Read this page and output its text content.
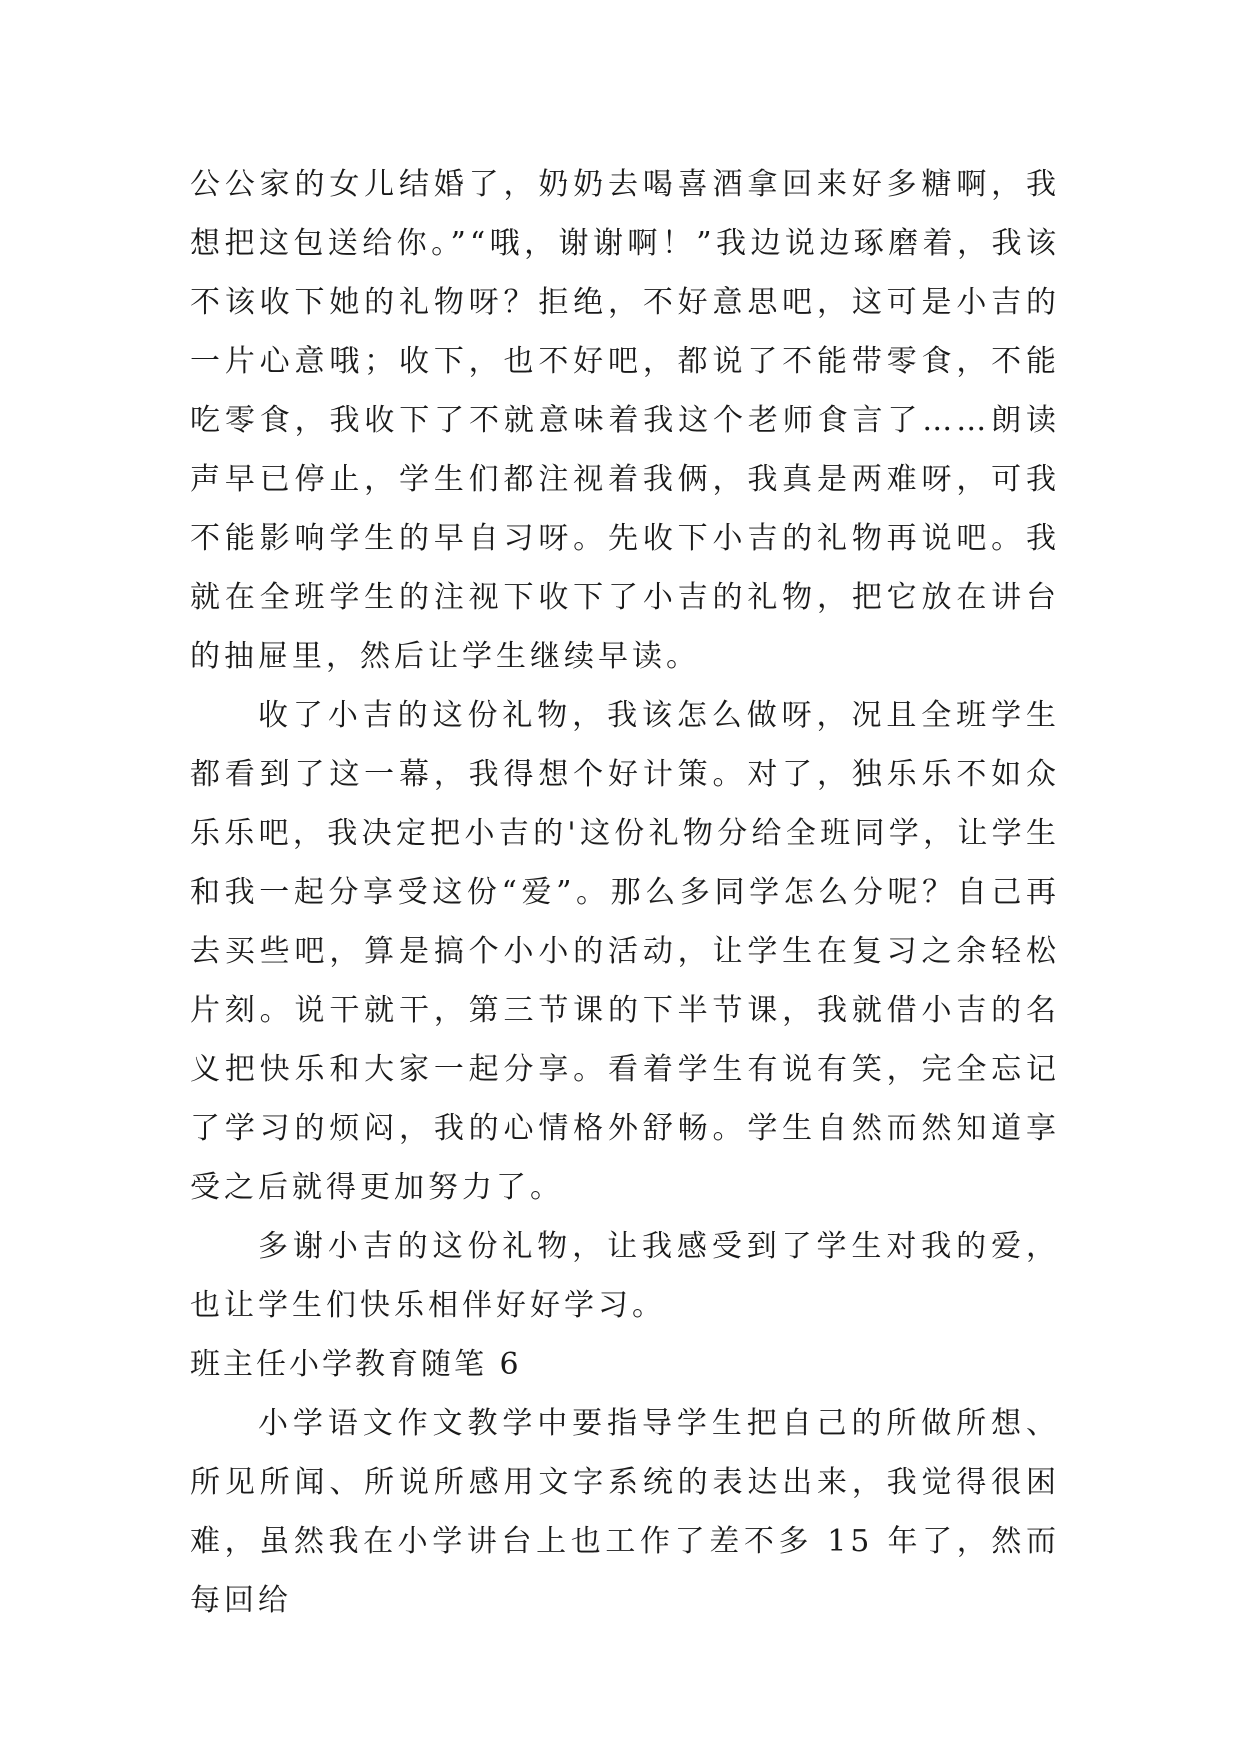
公公家的女儿结婚了，奶奶去喝喜酒拿回来好多糖啊，我想把这包送给你。”“哦，谢谢啊！”我边说边琢磨着，我该不该收下她的礼物呀？拒绝，不好意思吧，这可是小吉的一片心意哦；收下，也不好吧，都说了不能带零食，不能吃零食，我收下了不就意味着我这个老师食言了……朗读声早已停止，学生们都注视着我俩，我真是两难呀，可我不能影响学生的早自习呀。先收下小吉的礼物再说吧。我就在全班学生的注视下收下了小吉的礼物，把它放在讲台的抽屉里，然后让学生继续早读。

收了小吉的这份礼物，我该怎么做呀，况且全班学生都看到了这一幕，我得想个好计策。对了，独乐乐不如众乐乐吧，我决定把小吉的'这份礼物分给全班同学，让学生和我一起分享受这份“爱”。那么多同学怎么分呢？自己再去买些吧，算是搞个小小的活动，让学生在复习之余轻松片刻。说干就干，第三节课的下半节课，我就借小吉的名义把快乐和大家一起分享。看着学生有说有笑，完全忘记了学习的烦闷，我的心情格外舒畅。学生自然而然知道享受之后就得更加努力了。

多谢小吉的这份礼物，让我感受到了学生对我的爱，也让学生们快乐相伴好好学习。

班主任小学教育随笔 6

小学语文作文教学中要指导学生把自己的所做所想、所见所闻、所说所感用文字系统的表达出来，我觉得很困难，虽然我在小学讲台上也工作了差不多 15 年了，然而每回给
